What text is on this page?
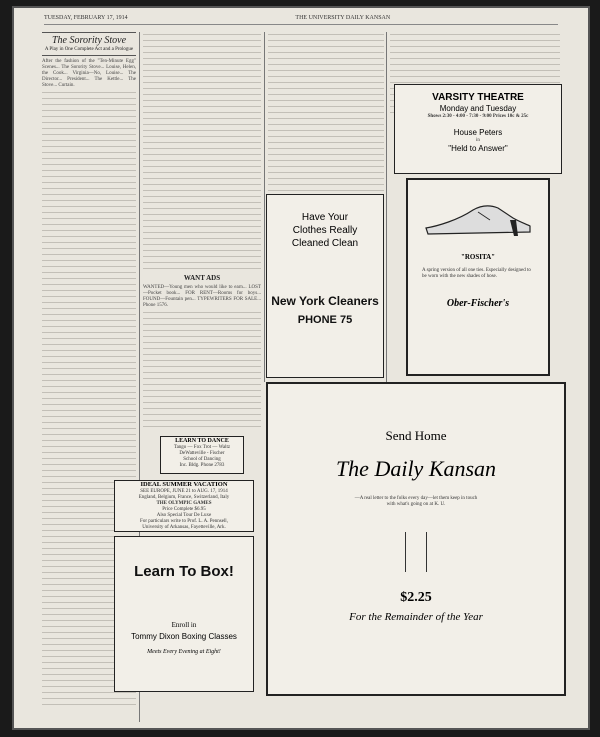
TUESDAY, FEBRUARY 17, 1914	THE UNIVERSITY DAILY KANSAN
The Sorority Stove
A Play in One Complete Act and a Prologue

After the fashion of the "Ten-Minute Egg" Scenes... The Sorority Stove... Louise, Helen, the Cook... Virginia—No, Louise... The Director... President... The Kettle... The Stove... Curtain.

WANT ADS

WANTED—Young men who would like to earn... LOST—Pocket book... FOR RENT—Rooms for boys... FOUND—Fountain pen... TYPEWRITERS FOR SALE... Phone 1576.

LEARN TO DANCE
Tango — Fox Trot — Waltz
DeWatteville - Fischer
School of Dancing
Inc. Bldg. Phone 2783
IDEAL SUMMER VACATION
SEE EUROPE, JUNE 21 to AUG. 17, 1914
England, Belgium, France, Switzerland, Italy
THE OLYMPIC GAMES
Price Complete $6.95
Also Special Tour De Luxe
For particulars write to Prof. L. A. Pennsell,
University of Arkansas, Fayetteville, Ark.
Learn To Box!
Enroll in
Tommy Dixon Boxing Classes
Meets Every Evening at Eight!
Have Your
Clothes Really
Cleaned Clean
New York Cleaners
PHONE 75
VARSITY THEATRE
Monday and Tuesday
Shows 2:30 - 4:00 - 7:30 - 9:00 Prices 10c & 25c
House Peters
in
"Held to Answer"
"ROSITA"
A spring version of all one ties. Especially designed to be worn with the new shades of hose.
Ober-Fischer's
Send Home
The Daily Kansan
—A real letter to the folks every day—let them keep in touch
with what's going on at K. U.
$2.25
For the Remainder of the Year
